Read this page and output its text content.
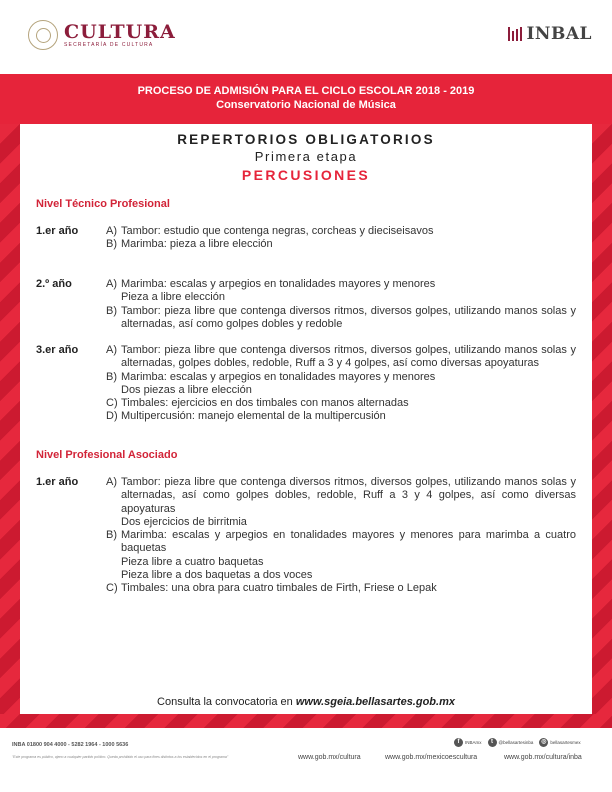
CULTURA
SECRETARÍA DE CULTURA
INBAL
PROCESO DE ADMISIÓN PARA EL CICLO ESCOLAR 2018 - 2019
Conservatorio Nacional de Música
REPERTORIOS OBLIGATORIOS
Primera etapa
PERCUSIONES
Nivel Técnico Profesional
1.er año	A) Tambor: estudio que contenga negras, corcheas y dieciseisavos
B) Marimba: pieza a libre elección
2.º año	A) Marimba: escalas y arpegios en tonalidades mayores y menores
Pieza a libre elección
B) Tambor: pieza libre que contenga diversos ritmos, diversos golpes, utilizando manos solas y alternadas, así como golpes dobles y redoble
3.er año	A) Tambor: pieza libre que contenga diversos ritmos, diversos golpes, utilizando manos solas y alternadas, golpes dobles, redoble, Ruff a 3 y 4 golpes, así como diversas apoyaturas
B) Marimba: escalas y arpegios en tonalidades mayores y menores
Dos piezas a libre elección
C) Timbales: ejercicios en dos timbales con manos alternadas
D) Multipercusión: manejo elemental de la multipercusión
Nivel Profesional Asociado
1.er año	A) Tambor: pieza libre que contenga diversos ritmos, diversos golpes, utilizando manos solas y alternadas, así como golpes dobles, redoble, Ruff a 3 y 4 golpes, así como diversas apoyaturas
Dos ejercicios de birritmia
B) Marimba: escalas y arpegios en tonalidades mayores y menores para marimba a cuatro baquetas
Pieza libre a cuatro baquetas
Pieza libre a dos baquetas a dos voces
C) Timbales: una obra para cuatro timbales de Firth, Friese o Lepak
Consulta la convocatoria en www.sgeia.bellasartes.gob.mx
INBA 01800 904 4000 - 5282 1964 - 1000 5636
"Este programa es público, ajeno a cualquier partido político. Queda prohibido el uso para fines distintos a los establecidos en el programa"
f	INBAmx	t	@bellasartesinba	◎ bellasartesmex
www.gob.mx/cultura	www.gob.mx/mexicoescultura	www.gob.mx/cultura/inba
